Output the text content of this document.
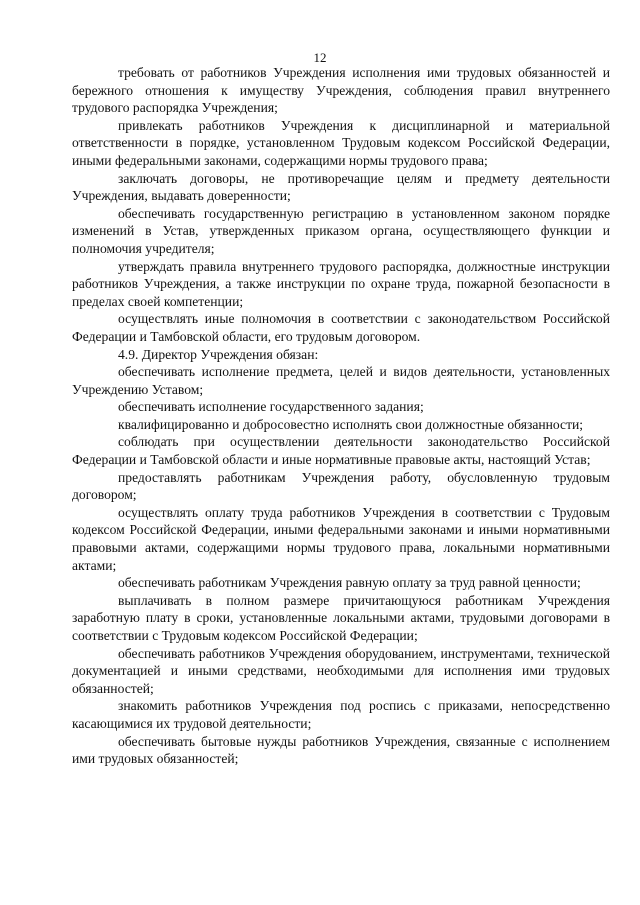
12

требовать от работников Учреждения исполнения ими трудовых обязанностей и бережного отношения к имуществу Учреждения, соблюдения правил внутреннего трудового распорядка Учреждения;

привлекать работников Учреждения к дисциплинарной и материальной ответственности в порядке, установленном Трудовым кодексом Российской Федерации, иными федеральными законами, содержащими нормы трудового права;

заключать договоры, не противоречащие целям и предмету деятельности Учреждения, выдавать доверенности;

обеспечивать государственную регистрацию в установленном законом порядке изменений в Устав, утвержденных приказом органа, осуществляющего функции и полномочия учредителя;

утверждать правила внутреннего трудового распорядка, должностные инструкции работников Учреждения, а также инструкции по охране труда, пожарной безопасности в пределах своей компетенции;

осуществлять иные полномочия в соответствии с законодательством Российской Федерации и Тамбовской области, его трудовым договором.

4.9. Директор Учреждения обязан:

обеспечивать исполнение предмета, целей и видов деятельности, установленных Учреждению Уставом;

обеспечивать исполнение государственного задания;

квалифицированно и добросовестно исполнять свои должностные обязанности;

соблюдать при осуществлении деятельности законодательство Российской Федерации и Тамбовской области и иные нормативные правовые акты, настоящий Устав;

предоставлять работникам Учреждения работу, обусловленную трудовым договором;

осуществлять оплату труда работников Учреждения в соответствии с Трудовым кодексом Российской Федерации, иными федеральными законами и иными нормативными правовыми актами, содержащими нормы трудового права, локальными нормативными актами;

обеспечивать работникам Учреждения равную оплату за труд равной ценности;

выплачивать в полном размере причитающуюся работникам Учреждения заработную плату в сроки, установленные локальными актами, трудовыми договорами в соответствии с Трудовым кодексом Российской Федерации;

обеспечивать работников Учреждения оборудованием, инструментами, технической документацией и иными средствами, необходимыми для исполнения ими трудовых обязанностей;

знакомить работников Учреждения под роспись с приказами, непосредственно касающимися их трудовой деятельности;

обеспечивать бытовые нужды работников Учреждения, связанные с исполнением ими трудовых обязанностей;
